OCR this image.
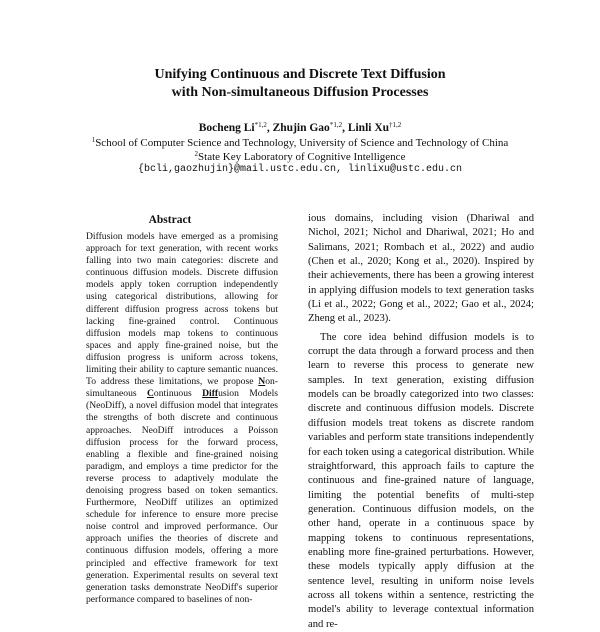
Unifying Continuous and Discrete Text Diffusion
with Non-simultaneous Diffusion Processes
Bocheng Li$^{*1,2}$, Zhujin Gao$^{*1,2}$, Linli Xu$^{\dagger 1,2}$
$^1$School of Computer Science and Technology, University of Science and Technology of China
$^2$State Key Laboratory of Cognitive Intelligence
{bcli,gaozhujin}@mail.ustc.edu.cn, linlixu@ustc.edu.cn
Abstract
Diffusion models have emerged as a promising approach for text generation, with recent works falling into two main categories: discrete and continuous diffusion models. Discrete diffusion models apply token corruption independently using categorical distributions, allowing for different diffusion progress across tokens but lacking fine-grained control. Continuous diffusion models map tokens to continuous spaces and apply fine-grained noise, but the diffusion progress is uniform across tokens, limiting their ability to capture semantic nuances. To address these limitations, we propose Non-simultaneous Continuous Diffusion Models (NeoDiff), a novel diffusion model that integrates the strengths of both discrete and continuous approaches. NeoDiff introduces a Poisson diffusion process for the forward process, enabling a flexible and fine-grained noising paradigm, and employs a time predictor for the reverse process to adaptively modulate the denoising progress based on token semantics. Furthermore, NeoDiff utilizes an optimized schedule for inference to ensure more precise noise control and improved performance. Our approach unifies the theories of discrete and continuous diffusion models, offering a more principled and effective framework for text generation. Experimental results on several text generation tasks demonstrate NeoDiff's superior performance compared to baselines of non-

ious domains, including vision (Dhariwal and Nichol, 2021; Nichol and Dhariwal, 2021; Ho and Salimans, 2021; Rombach et al., 2022) and audio (Chen et al., 2020; Kong et al., 2020). Inspired by their achievements, there has been a growing interest in applying diffusion models to text generation tasks (Li et al., 2022; Gong et al., 2022; Gao et al., 2024; Zheng et al., 2023).

The core idea behind diffusion models is to corrupt the data through a forward process and then learn to reverse this process to generate new samples. In text generation, existing diffusion models can be broadly categorized into two classes: discrete and continuous diffusion models. Discrete diffusion models treat tokens as discrete random variables and perform state transitions independently for each token using a categorical distribution. While straightforward, this approach fails to capture the continuous and fine-grained nature of language, limiting the potential benefits of multi-step generation. Continuous diffusion models, on the other hand, operate in a continuous space by mapping tokens to continuous representations, enabling more fine-grained perturbations. However, these models typically apply diffusion at the sentence level, resulting in uniform noise levels across all tokens within a sentence, restricting the model's ability to leverage contextual information and re-
